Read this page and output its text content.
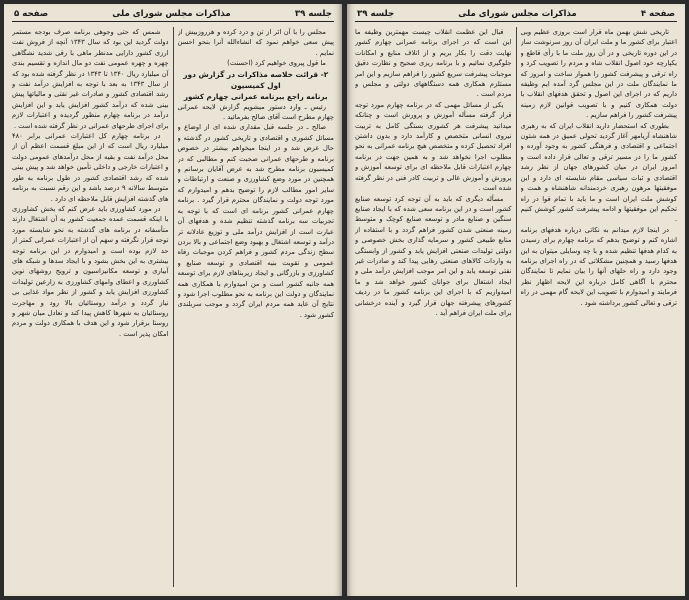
جلسه ۳۹
مذاکرات مجلس شورای ملی
صفحه ۵

مجلس را با آن اثر از تن و درد کرده و هرروزبیش از پیش سعی خواهم نمود که انشاءالله آنرا بنحو احسن نمایم .

ما قول پیروی خواهیم کرد (احسنت)

۲- قرائت خلاصه مذاکرات در گزارش دور اول کمیسیون

برنامه راجع ببرنامه عمرانی چهارم کشور

رئیس ـ وارد دستور میشویم گزارش لایحه عمرانی چهارم مطرح است آقای صالح بفرمائید .

صالح ـ در جلسه قبل مقداری شده ای از اوضاع و مسائل کشوری و اقتصادی و تاریخی کشور در گذشته و حال عرض شد و در اینجا میخواهم بیشتر در خصوص برنامه و طرحهای عمرانی صحبت کنم و مطالبی که در کمیسیون برنامه مطرح شد به عرض آقایان برسانم و همچنین در مورد وضع کشاورزی و صنعت و ارتباطات و سایر امور مطالب لازم را توضیح بدهم و امیدوارم که مورد توجه دولت و نمایندگان محترم قرار گیرد . برنامه چهارم عمرانی کشور برنامه ای است که با توجه به تجربیات سه برنامه گذشته تنظیم شده و هدفهای آن عبارت است از افزایش درآمد ملی و توزیع عادلانه تر درآمد و توسعه اشتغال و بهبود وضع اجتماعی و بالا بردن سطح زندگی مردم کشور و فراهم کردن موجبات رفاه عمومی و تقویت بنیه اقتصادی و توسعه صنایع و کشاورزی و بازرگانی و ایجاد زیربناهای لازم برای توسعه همه جانبه کشور است و من امیدوارم با همکاری همه نمایندگان و دولت این برنامه به نحو مطلوب اجرا شود و نتایج آن عاید همه مردم ایران گردد و موجب سربلندی کشور شود .

شمس که حتی وجوهی برنامه صرف بودجه مستمر دولت گردید این بود که سال ۱۳۴۳ آنچه از فروش نفت ارزی کشور دارایی مدنظر ماهی با رقی شدید نشگاهی چهره و چهره عمومی نفت دو مال اندازه و تقسیم بندی آن میلیارد ریال ۱۳۴۰ تا ۱۳۴۳ در نظر گرفته شده بود که از سال ۱۳۴۳ به بعد با توجه به افزایش درآمد نفت و رشد اقتصادی کشور و صادرات غیر نفتی و مالیاتها پیش بینی شده که درآمد کشور افزایش یابد و این افزایش درآمد در برنامه چهارم منظور گردیده و اعتبارات لازم برای اجرای طرحهای عمرانی در نظر گرفته شده است .

در برنامه چهارم کل اعتبارات عمرانی برابر ۴۸۰ میلیارد ریال است که از این مبلغ قسمت اعظم آن از محل درآمد نفت و بقیه از محل درآمدهای عمومی دولت و اعتبارات خارجی و داخلی تأمین خواهد شد و پیش بینی شده که رشد اقتصادی کشور در طول برنامه به طور متوسط سالانه ۹ درصد باشد و این رقم نسبت به برنامه های گذشته افزایش قابل ملاحظه ای دارد .

در مورد کشاورزی باید عرض کنم که بخش کشاورزی با اینکه قسمت عمده جمعیت کشور به آن اشتغال دارند متأسفانه در برنامه های گذشته به نحو شایسته مورد توجه قرار نگرفته و سهم آن از اعتبارات عمرانی کمتر از حد لازم بوده است و امیدوارم در این برنامه توجه بیشتری به این بخش بشود و با ایجاد سدها و شبکه های آبیاری و توسعه مکانیزاسیون و ترویج روشهای نوین کشاورزی و اعطای وامهای کشاورزی به زارعین تولیدات کشاورزی افزایش یابد و کشور از نظر مواد غذایی بی نیاز گردد و درآمد روستائیان بالا رود و مهاجرت روستائیان به شهرها کاهش پیدا کند و تعادل میان شهر و روستا برقرار شود و این هدف با همکاری دولت و مردم امکان پذیر است .

صفحه ۴
مذاکرات مجلس شورای ملی
جلسه ۳۹

تاریخی شش بهمن ماه قرار است بروزی عظیم وبی اعتبار برای کشور ما و ملت ایران آن روز سرنوشت ساز در این دوره تاریخی و در آن روز ملت ما با رأی قاطع و یکپارچه خود اصول انقلاب شاه و مردم را تصویب کرد و راه ترقی و پیشرفت کشور را هموار ساخت و امروز که ما نمایندگان ملت در این مجلس گرد آمده ایم وظیفه داریم که در اجرای این اصول و تحقق هدفهای انقلاب با دولت همکاری کنیم و با تصویب قوانین لازم زمینه پیشرفت کشور را فراهم سازیم .

بطوری که استحضار دارید انقلاب ایران که به رهبری شاهنشاه آریامهر آغاز گردید تحولی عمیق در همه شئون اجتماعی و اقتصادی و فرهنگی کشور به وجود آورده و کشور ما را در مسیر ترقی و تعالی قرار داده است و امروز ایران در میان کشورهای جهان از نظر رشد اقتصادی و ثبات سیاسی مقام شایسته ای دارد و این موفقیتها مرهون رهبری خردمندانه شاهنشاه و همت و کوشش ملت ایران است و ما باید با تمام قوا در راه تحکیم این موفقیتها و ادامه پیشرفت کشور کوشش کنیم .

در اینجا لازم میدانم به نکاتی درباره هدفهای برنامه اشاره کنم و توضیح بدهم که برنامه چهارم برای رسیدن به کدام هدفها تنظیم شده و با چه وسایلی میتوان به این هدفها رسید و همچنین مشکلاتی که در راه اجرای برنامه وجود دارد و راه حلهای آنها را بیان نمایم تا نمایندگان محترم با آگاهی کامل درباره این لایحه اظهار نظر فرمایند و امیدوارم با تصویب این لایحه گام مهمی در راه ترقی و تعالی کشور برداشته شود .

قبال این عظمت انقلاب چیست مهمترین وظیفه ما این است که در اجرای برنامه عمرانی چهارم کشور نهایت دقت را بکار بریم و از اتلاف منابع و امکانات جلوگیری نمائیم و با برنامه ریزی صحیح و نظارت دقیق موجبات پیشرفت سریع کشور را فراهم سازیم و این امر مستلزم همکاری همه دستگاههای دولتی و مجلس و مردم است .

یکی از مسائل مهمی که در برنامه چهارم مورد توجه قرار گرفته مسأله آموزش و پرورش است و چنانکه میدانید پیشرفت هر کشوری بستگی کامل به تربیت نیروی انسانی متخصص و کارآمد دارد و بدون داشتن افراد تحصیل کرده و متخصص هیچ برنامه عمرانی به نحو مطلوب اجرا نخواهد شد و به همین جهت در برنامه چهارم اعتبارات قابل ملاحظه ای برای توسعه آموزش و پرورش و آموزش عالی و تربیت کادر فنی در نظر گرفته شده است .

مسأله دیگری که باید به آن توجه کرد توسعه صنایع کشور است و در این برنامه سعی شده که با ایجاد صنایع سنگین و صنایع مادر و توسعه صنایع کوچک و متوسط زمینه صنعتی شدن کشور فراهم گردد و با استفاده از منابع طبیعی کشور و سرمایه گذاری بخش خصوصی و دولتی تولیدات صنعتی افزایش یابد و کشور از وابستگی به واردات کالاهای صنعتی رهایی پیدا کند و صادرات غیر نفتی توسعه یابد و این امر موجب افزایش درآمد ملی و ایجاد اشتغال برای جوانان کشور خواهد شد و ما امیدواریم که با اجرای این برنامه کشور ما در ردیف کشورهای پیشرفته جهان قرار گیرد و آینده درخشانی برای ملت ایران فراهم آید .
